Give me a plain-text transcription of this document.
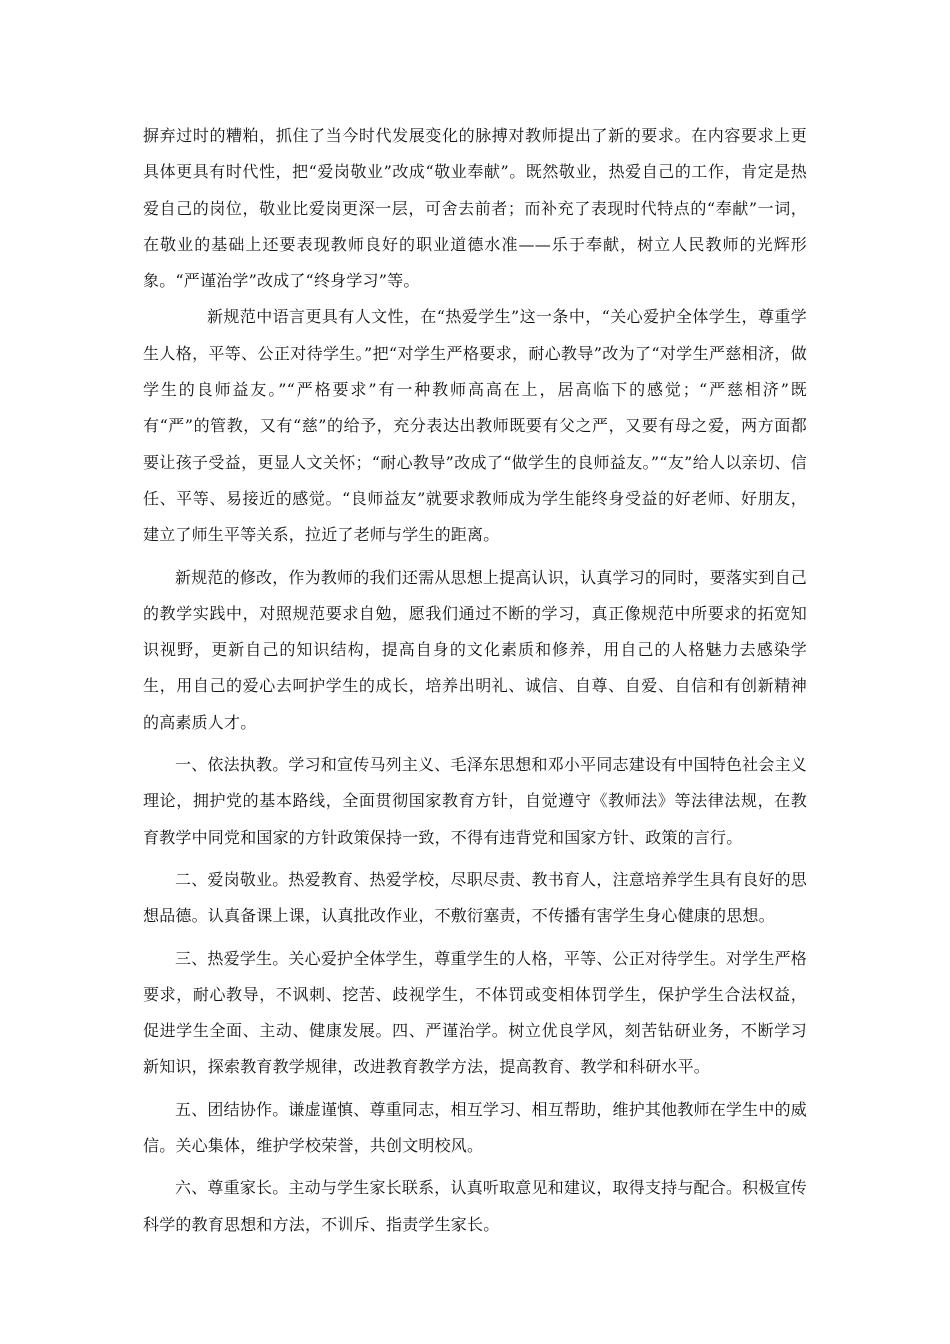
摒弃过时的糟粕，抓住了当今时代发展变化的脉搏对教师提出了新的要求。在内容要求上更具体更具有时代性，把“爱岗敬业”改成“敬业奉献”。既然敬业，热爱自己的工作，肯定是热爱自己的岗位，敬业比爱岗更深一层，可舍去前者；而补充了表现时代特点的“奉献”一词，在敬业的基础上还要表现教师良好的职业道德水准——乐于奉献，树立人民教师的光辉形象。“严谨治学”改成了“终身学习”等。

新规范中语言更具有人文性，在“热爱学生”这一条中，“关心爱护全体学生，尊重学生人格，平等、公正对待学生。”把“对学生严格要求，耐心教导”改为了“对学生严慈相济，做学生的良师益友。”“严格要求”有一种教师高高在上，居高临下的感觉；“严慈相济”既有“严”的管教，又有“慈”的给予，充分表达出教师既要有父之严，又要有母之爱，两方面都要让孩子受益，更显人文关怀；“耐心教导”改成了“做学生的良师益友。”“友”给人以亲切、信任、平等、易接近的感觉。“良师益友”就要求教师成为学生能终身受益的好老师、好朋友，建立了师生平等关系，拉近了老师与学生的距离。

新规范的修改，作为教师的我们还需从思想上提高认识，认真学习的同时，要落实到自己的教学实践中，对照规范要求自勉，愿我们通过不断的学习，真正像规范中所要求的拓宽知识视野，更新自己的知识结构，提高自身的文化素质和修养，用自己的人格魅力去感染学生，用自己的爱心去呵护学生的成长，培养出明礼、诚信、自尊、自爱、自信和有创新精神的高素质人才。

一、依法执教。学习和宣传马列主义、毛泽东思想和邓小平同志建设有中国特色社会主义理论，拥护党的基本路线，全面贯彻国家教育方针，自觉遵守《教师法》等法律法规，在教育教学中同党和国家的方针政策保持一致，不得有违背党和国家方针、政策的言行。

二、爱岗敬业。热爱教育、热爱学校，尽职尽责、教书育人，注意培养学生具有良好的思想品德。认真备课上课，认真批改作业，不敷衍塞责，不传播有害学生身心健康的思想。

三、热爱学生。关心爱护全体学生，尊重学生的人格，平等、公正对待学生。对学生严格要求，耐心教导，不讽刺、挖苦、歧视学生，不体罚或变相体罚学生，保护学生合法权益，促进学生全面、主动、健康发展。四、严谨治学。树立优良学风，刻苦钻研业务，不断学习新知识，探索教育教学规律，改进教育教学方法，提高教育、教学和科研水平。

五、团结协作。谦虚谨慎、尊重同志，相互学习、相互帮助，维护其他教师在学生中的威信。关心集体，维护学校荣誉，共创文明校风。

六、尊重家长。主动与学生家长联系，认真听取意见和建议，取得支持与配合。积极宣传科学的教育思想和方法，不训斥、指责学生家长。
